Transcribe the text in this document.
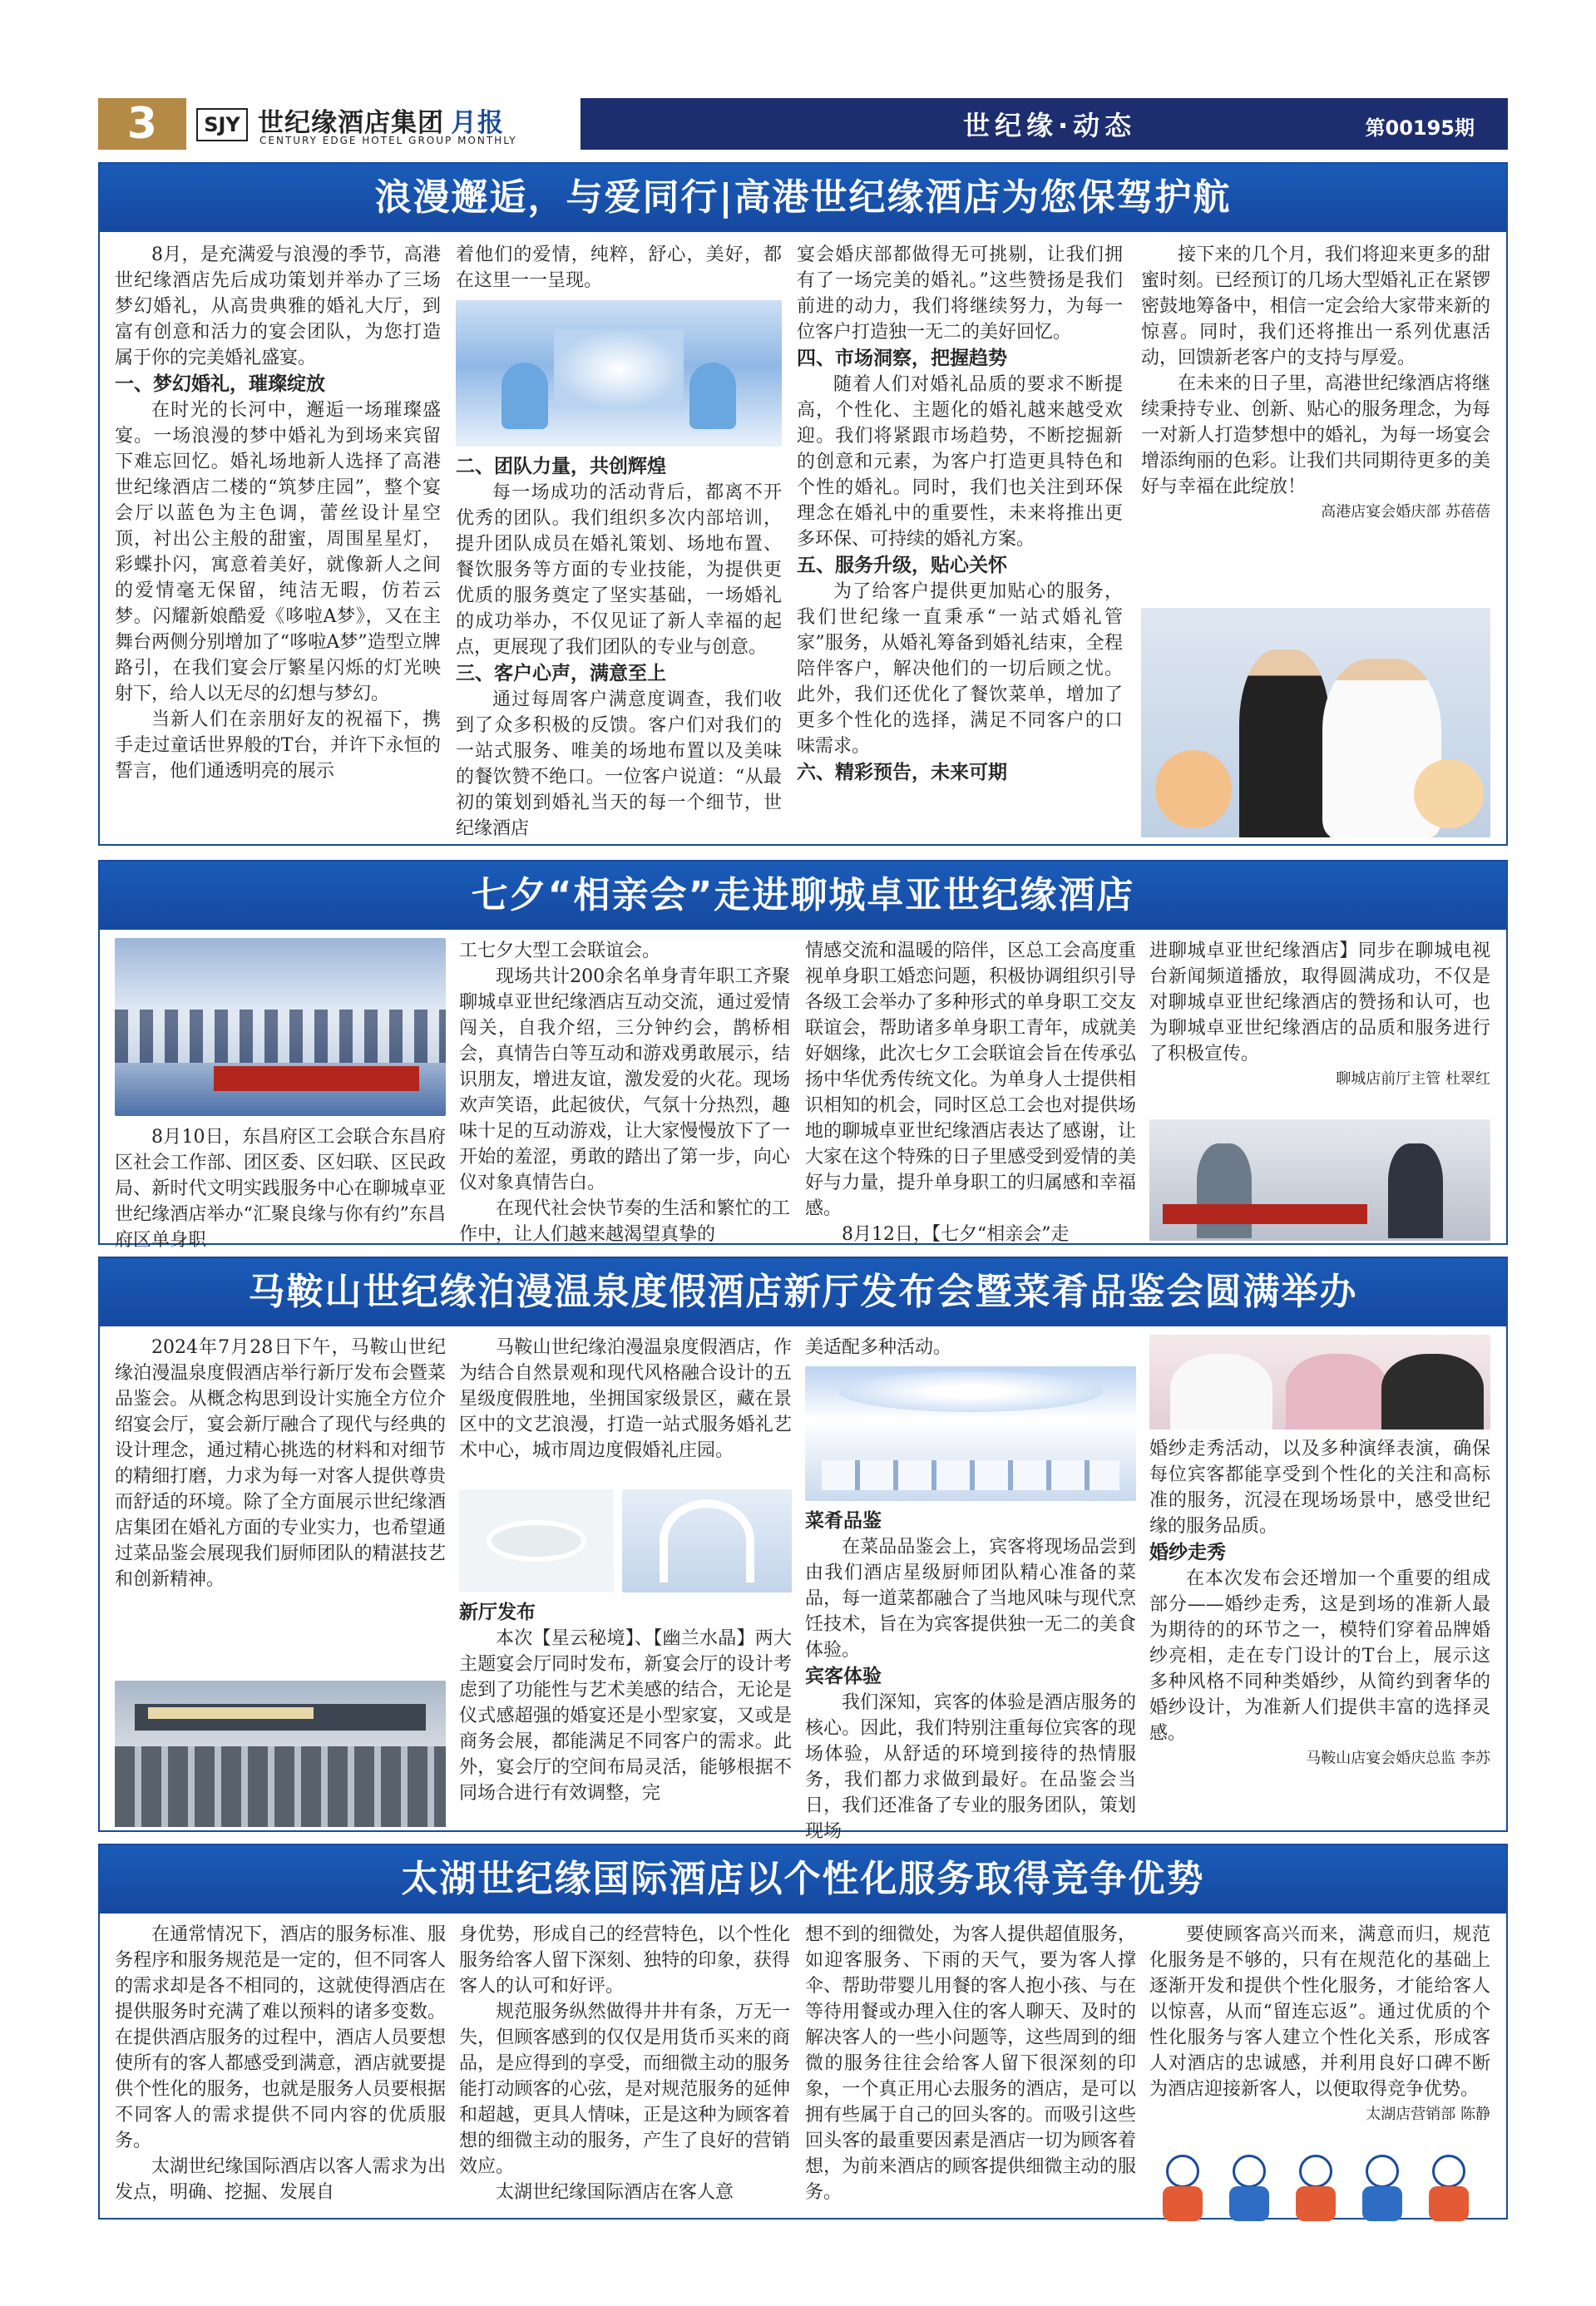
3	SJY 世纪缘酒店集团 月报
CENTURY EDGE HOTEL GROUP MONTHLY	世纪缘·动态	第00195期
浪漫邂逅，与爱同行|高港世纪缘酒店为您保驾护航

8月，是充满爱与浪漫的季节，高港世纪缘酒店先后成功策划并举办了三场梦幻婚礼，从高贵典雅的婚礼大厅，到富有创意和活力的宴会团队，为您打造属于你的完美婚礼盛宴。

一、梦幻婚礼，璀璨绽放

在时光的长河中，邂逅一场璀璨盛宴。一场浪漫的梦中婚礼为到场来宾留下难忘回忆。婚礼场地新人选择了高港世纪缘酒店二楼的“筑梦庄园”，整个宴会厅以蓝色为主色调，蕾丝设计星空顶，衬出公主般的甜蜜，周围星星灯，彩蝶扑闪，寓意着美好，就像新人之间的爱情毫无保留，纯洁无暇，仿若云梦。闪耀新娘酷爱《哆啦A梦》，又在主舞台两侧分别增加了“哆啦A梦”造型立牌路引，在我们宴会厅繁星闪烁的灯光映射下，给人以无尽的幻想与梦幻。

当新人们在亲朋好友的祝福下，携手走过童话世界般的T台，并许下永恒的誓言，他们通透明亮的展示

着他们的爱情，纯粹，舒心，美好，都在这里一一呈现。

二、团队力量，共创辉煌

每一场成功的活动背后，都离不开优秀的团队。我们组织多次内部培训，提升团队成员在婚礼策划、场地布置、餐饮服务等方面的专业技能，为提供更优质的服务奠定了坚实基础，一场婚礼的成功举办，不仅见证了新人幸福的起点，更展现了我们团队的专业与创意。

三、客户心声，满意至上

通过每周客户满意度调查，我们收到了众多积极的反馈。客户们对我们的一站式服务、唯美的场地布置以及美味的餐饮赞不绝口。一位客户说道：“从最初的策划到婚礼当天的每一个细节，世纪缘酒店

宴会婚庆部都做得无可挑剔，让我们拥有了一场完美的婚礼。”这些赞扬是我们前进的动力，我们将继续努力，为每一位客户打造独一无二的美好回忆。

四、市场洞察，把握趋势

随着人们对婚礼品质的要求不断提高，个性化、主题化的婚礼越来越受欢迎。我们将紧跟市场趋势，不断挖掘新的创意和元素，为客户打造更具特色和个性的婚礼。同时，我们也关注到环保理念在婚礼中的重要性，未来将推出更多环保、可持续的婚礼方案。

五、服务升级，贴心关怀

为了给客户提供更加贴心的服务，我们世纪缘一直秉承“一站式婚礼管家”服务，从婚礼筹备到婚礼结束，全程陪伴客户，解决他们的一切后顾之忧。此外，我们还优化了餐饮菜单，增加了更多个性化的选择，满足不同客户的口味需求。

六、精彩预告，未来可期

接下来的几个月，我们将迎来更多的甜蜜时刻。已经预订的几场大型婚礼正在紧锣密鼓地筹备中，相信一定会给大家带来新的惊喜。同时，我们还将推出一系列优惠活动，回馈新老客户的支持与厚爱。

在未来的日子里，高港世纪缘酒店将继续秉持专业、创新、贴心的服务理念，为每一对新人打造梦想中的婚礼，为每一场宴会增添绚丽的色彩。让我们共同期待更多的美好与幸福在此绽放！

高港店宴会婚庆部 苏蓓蓓
七夕“相亲会”走进聊城卓亚世纪缘酒店

8月10日，东昌府区工会联合东昌府区社会工作部、团区委、区妇联、区民政局、新时代文明实践服务中心在聊城卓亚世纪缘酒店举办“汇聚良缘与你有约”东昌府区单身职

工七夕大型工会联谊会。

现场共计200余名单身青年职工齐聚聊城卓亚世纪缘酒店互动交流，通过爱情闯关，自我介绍，三分钟约会，鹊桥相会，真情告白等互动和游戏勇敢展示，结识朋友，增进友谊，激发爱的火花。现场欢声笑语，此起彼伏，气氛十分热烈，趣味十足的互动游戏，让大家慢慢放下了一开始的羞涩，勇敢的踏出了第一步，向心仪对象真情告白。

在现代社会快节奏的生活和繁忙的工作中，让人们越来越渴望真挚的

情感交流和温暖的陪伴，区总工会高度重视单身职工婚恋问题，积极协调组织引导各级工会举办了多种形式的单身职工交友联谊会，帮助诸多单身职工青年，成就美好姻缘，此次七夕工会联谊会旨在传承弘扬中华优秀传统文化。为单身人士提供相识相知的机会，同时区总工会也对提供场地的聊城卓亚世纪缘酒店表达了感谢，让大家在这个特殊的日子里感受到爱情的美好与力量，提升单身职工的归属感和幸福感。

8月12日，【七夕“相亲会”走

进聊城卓亚世纪缘酒店】同步在聊城电视台新闻频道播放，取得圆满成功，不仅是对聊城卓亚世纪缘酒店的赞扬和认可，也为聊城卓亚世纪缘酒店的品质和服务进行了积极宣传。

聊城店前厅主管 杜翠红
马鞍山世纪缘泊漫温泉度假酒店新厅发布会暨菜肴品鉴会圆满举办

2024年7月28日下午，马鞍山世纪缘泊漫温泉度假酒店举行新厅发布会暨菜品鉴会。从概念构思到设计实施全方位介绍宴会厅，宴会新厅融合了现代与经典的设计理念，通过精心挑选的材料和对细节的精细打磨，力求为每一对客人提供尊贵而舒适的环境。除了全方面展示世纪缘酒店集团在婚礼方面的专业实力，也希望通过菜品鉴会展现我们厨师团队的精湛技艺和创新精神。

马鞍山世纪缘泊漫温泉度假酒店，作为结合自然景观和现代风格融合设计的五星级度假胜地，坐拥国家级景区，藏在景区中的文艺浪漫，打造一站式服务婚礼艺术中心，城市周边度假婚礼庄园。

新厅发布

本次【星云秘境】、【幽兰水晶】两大主题宴会厅同时发布，新宴会厅的设计考虑到了功能性与艺术美感的结合，无论是仪式感超强的婚宴还是小型家宴，又或是商务会展，都能满足不同客户的需求。此外，宴会厅的空间布局灵活，能够根据不同场合进行有效调整，完

美适配多种活动。

菜肴品鉴

在菜品品鉴会上，宾客将现场品尝到由我们酒店星级厨师团队精心准备的菜品，每一道菜都融合了当地风味与现代烹饪技术，旨在为宾客提供独一无二的美食体验。

宾客体验

我们深知，宾客的体验是酒店服务的核心。因此，我们特别注重每位宾客的现场体验，从舒适的环境到接待的热情服务，我们都力求做到最好。在品鉴会当日，我们还准备了专业的服务团队，策划现场

婚纱走秀活动，以及多种演绎表演，确保每位宾客都能享受到个性化的关注和高标准的服务，沉浸在现场场景中，感受世纪缘的服务品质。

婚纱走秀

在本次发布会还增加一个重要的组成部分——婚纱走秀，这是到场的准新人最为期待的的环节之一，模特们穿着品牌婚纱亮相，走在专门设计的T台上，展示这多种风格不同种类婚纱，从简约到奢华的婚纱设计，为准新人们提供丰富的选择灵感。

马鞍山店宴会婚庆总监 李苏
太湖世纪缘国际酒店以个性化服务取得竞争优势

在通常情况下，酒店的服务标准、服务程序和服务规范是一定的，但不同客人的需求却是各不相同的，这就使得酒店在提供服务时充满了难以预料的诸多变数。在提供酒店服务的过程中，酒店人员要想使所有的客人都感受到满意，酒店就要提供个性化的服务，也就是服务人员要根据不同客人的需求提供不同内容的优质服务。

太湖世纪缘国际酒店以客人需求为出发点，明确、挖掘、发展自

身优势，形成自己的经营特色，以个性化服务给客人留下深刻、独特的印象，获得客人的认可和好评。

规范服务纵然做得井井有条，万无一失，但顾客感到的仅仅是用货币买来的商品，是应得到的享受，而细微主动的服务能打动顾客的心弦，是对规范服务的延伸和超越，更具人情味，正是这种为顾客着想的细微主动的服务，产生了良好的营销效应。

太湖世纪缘国际酒店在客人意

想不到的细微处，为客人提供超值服务，如迎客服务、下雨的天气，要为客人撑伞、帮助带婴儿用餐的客人抱小孩、与在等待用餐或办理入住的客人聊天、及时的解决客人的一些小问题等，这些周到的细微的服务往往会给客人留下很深刻的印象，一个真正用心去服务的酒店，是可以拥有些属于自己的回头客的。而吸引这些回头客的最重要因素是酒店一切为顾客着想，为前来酒店的顾客提供细微主动的服务。

要使顾客高兴而来，满意而归，规范化服务是不够的，只有在规范化的基础上逐渐开发和提供个性化服务，才能给客人以惊喜，从而“留连忘返”。通过优质的个性化服务与客人建立个性化关系，形成客人对酒店的忠诚感，并利用良好口碑不断为酒店迎接新客人，以便取得竞争优势。

太湖店营销部 陈静
